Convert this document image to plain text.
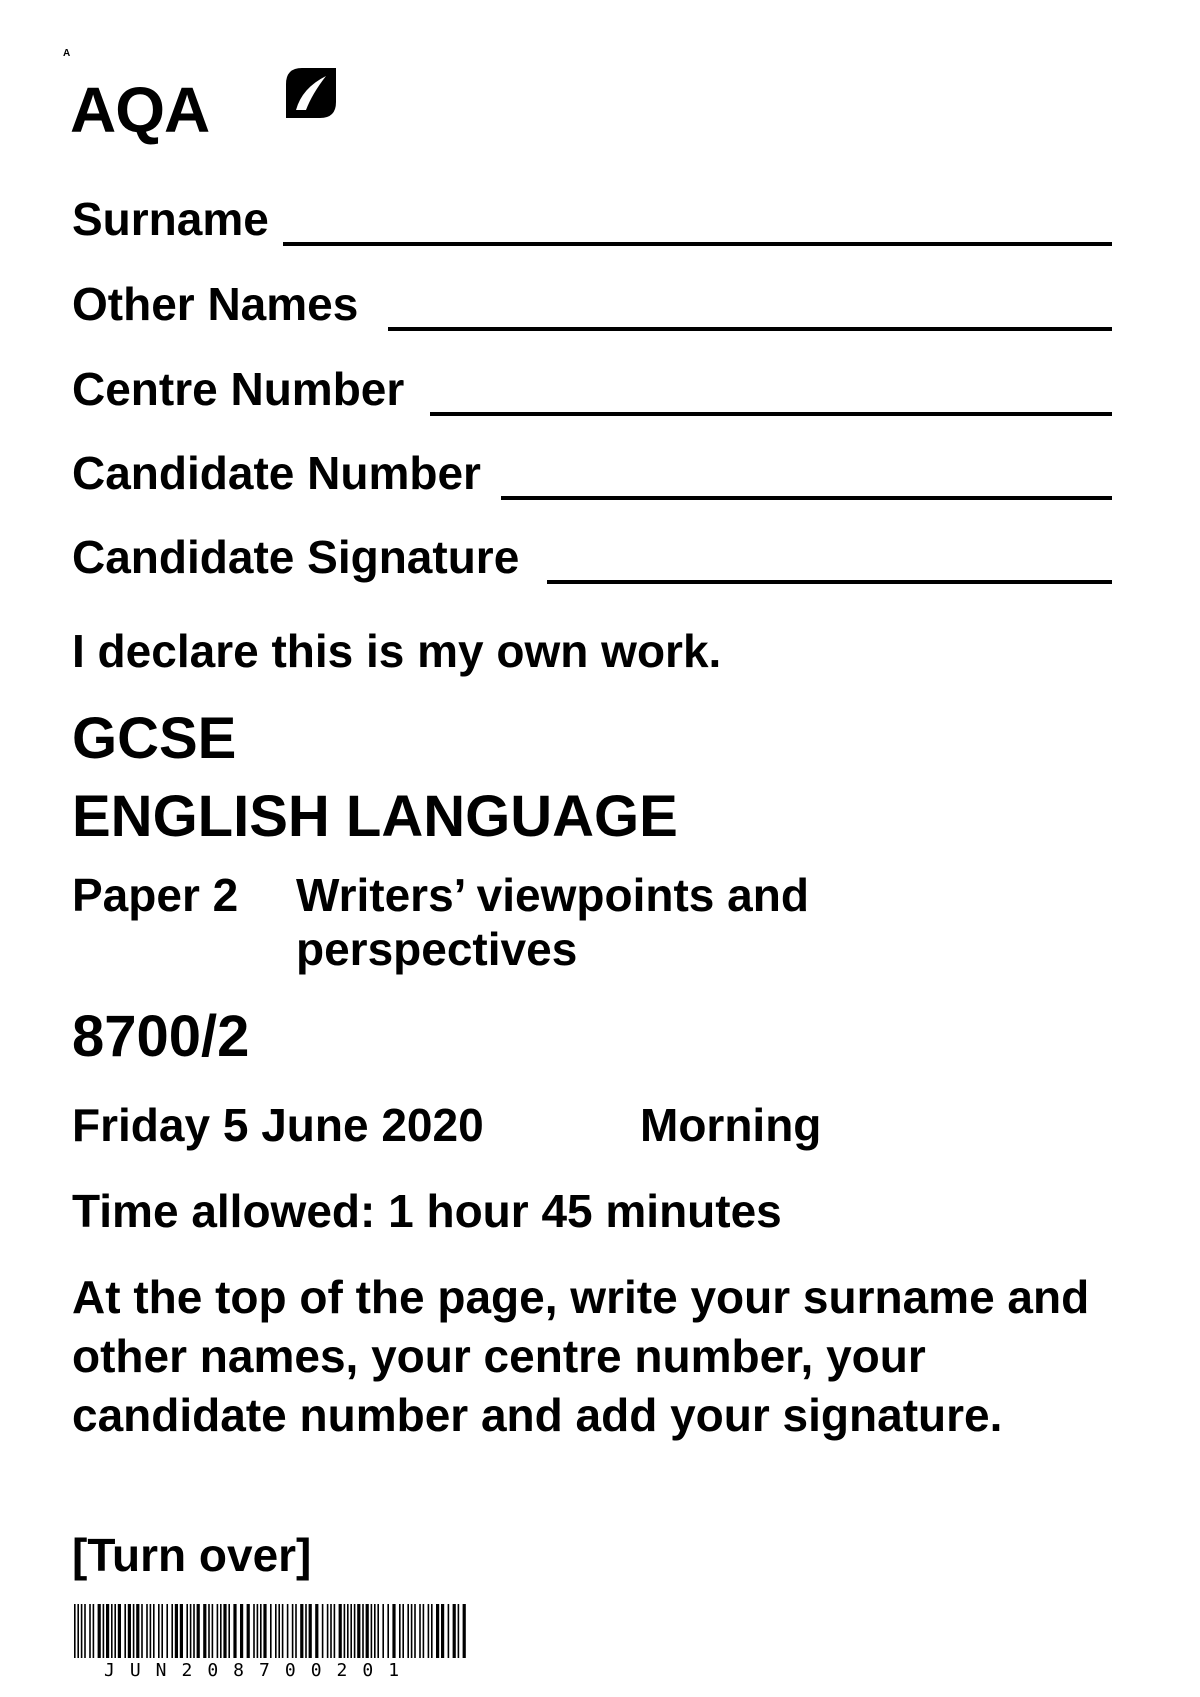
A
AQA
Surname
Other Names
Centre Number
Candidate Number
Candidate Signature
I declare this is my own work.
GCSE
ENGLISH LANGUAGE
Paper 2 Writers’ viewpoints and perspectives
8700/2
Friday 5 June 2020	Morning
Time allowed: 1 hour 45 minutes
At the top of the page, write your surname and other names, your centre number, your candidate number and add your signature.
[Turn over]
JUN208700201
